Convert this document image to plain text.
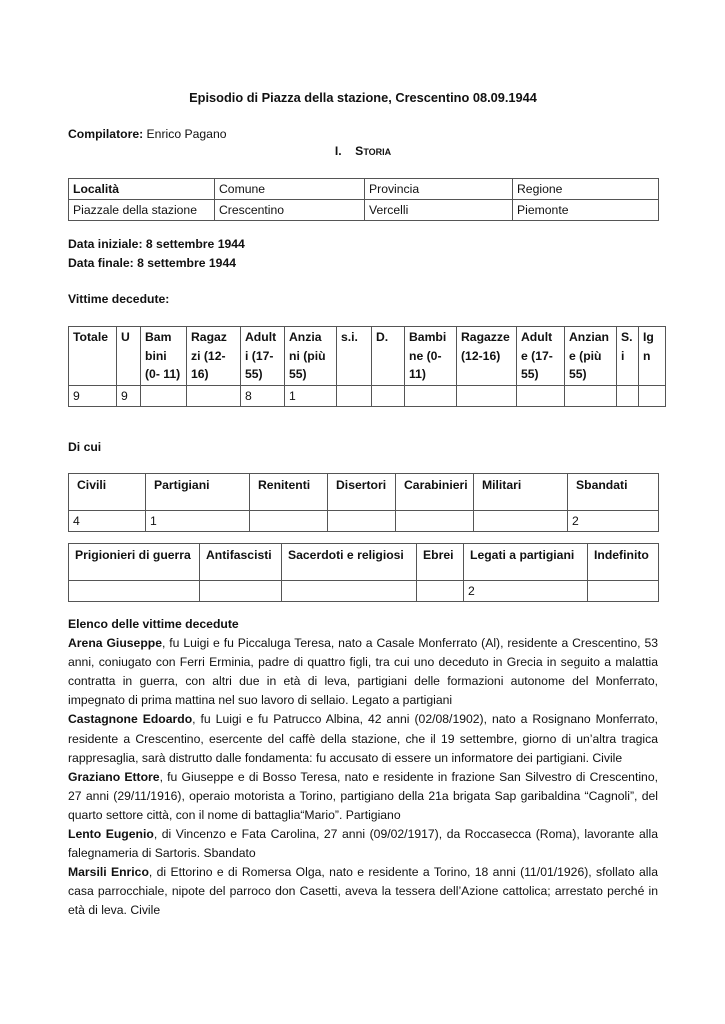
Episodio di Piazza della stazione, Crescentino 08.09.1944
Compilatore: Enrico Pagano
I. Storia
Località	Comune	Provincia	Regione
Piazzale della stazione	Crescentino	Vercelli	Piemonte
Data iniziale: 8 settembre 1944
Data finale: 8 settembre 1944
Vittime decedute:
Totale	U	Bam bini (0- 11)	Ragaz zi (12- 16)	Adult i (17- 55)	Anzia ni (più 55)	s.i.	D.	Bambi ne (0- 11)	Ragazze (12-16)	Adult e (17- 55)	Anzian e (più 55)	S. i	Ig n
9	9			8	1								
Di cui
Civili	Partigiani	Renitenti	Disertori	Carabinieri	Militari	Sbandati
4	1					2
Prigionieri di guerra	Antifascisti	Sacerdoti e religiosi	Ebrei	Legati a partigiani	Indefinito
				2	

Elenco delle vittime decedute

Arena Giuseppe, fu Luigi e fu Piccaluga Teresa, nato a Casale Monferrato (Al), residente a Crescentino, 53 anni, coniugato con Ferri Erminia, padre di quattro figli, tra cui uno deceduto in Grecia in seguito a malattia contratta in guerra, con altri due in età di leva, partigiani delle formazioni autonome del Monferrato, impegnato di prima mattina nel suo lavoro di sellaio. Legato a partigiani

Castagnone Edoardo, fu Luigi e fu Patrucco Albina, 42 anni (02/08/1902), nato a Rosignano Monferrato, residente a Crescentino, esercente del caffè della stazione, che il 19 settembre, giorno di un’altra tragica rappresaglia, sarà distrutto dalle fondamenta: fu accusato di essere un informatore dei partigiani. Civile

Graziano Ettore, fu Giuseppe e di Bosso Teresa, nato e residente in frazione San Silvestro di Crescentino, 27 anni (29/11/1916), operaio motorista a Torino, partigiano della 21a brigata Sap garibaldina “Cagnoli”, del quarto settore città, con il nome di battaglia“Mario”. Partigiano

Lento Eugenio, di Vincenzo e Fata Carolina, 27 anni (09/02/1917), da Roccasecca (Roma), lavorante alla falegnameria di Sartoris. Sbandato

Marsili Enrico, di Ettorino e di Romersa Olga, nato e residente a Torino, 18 anni (11/01/1926), sfollato alla casa parrocchiale, nipote del parroco don Casetti, aveva la tessera dell’Azione cattolica; arrestato perché in età di leva. Civile
